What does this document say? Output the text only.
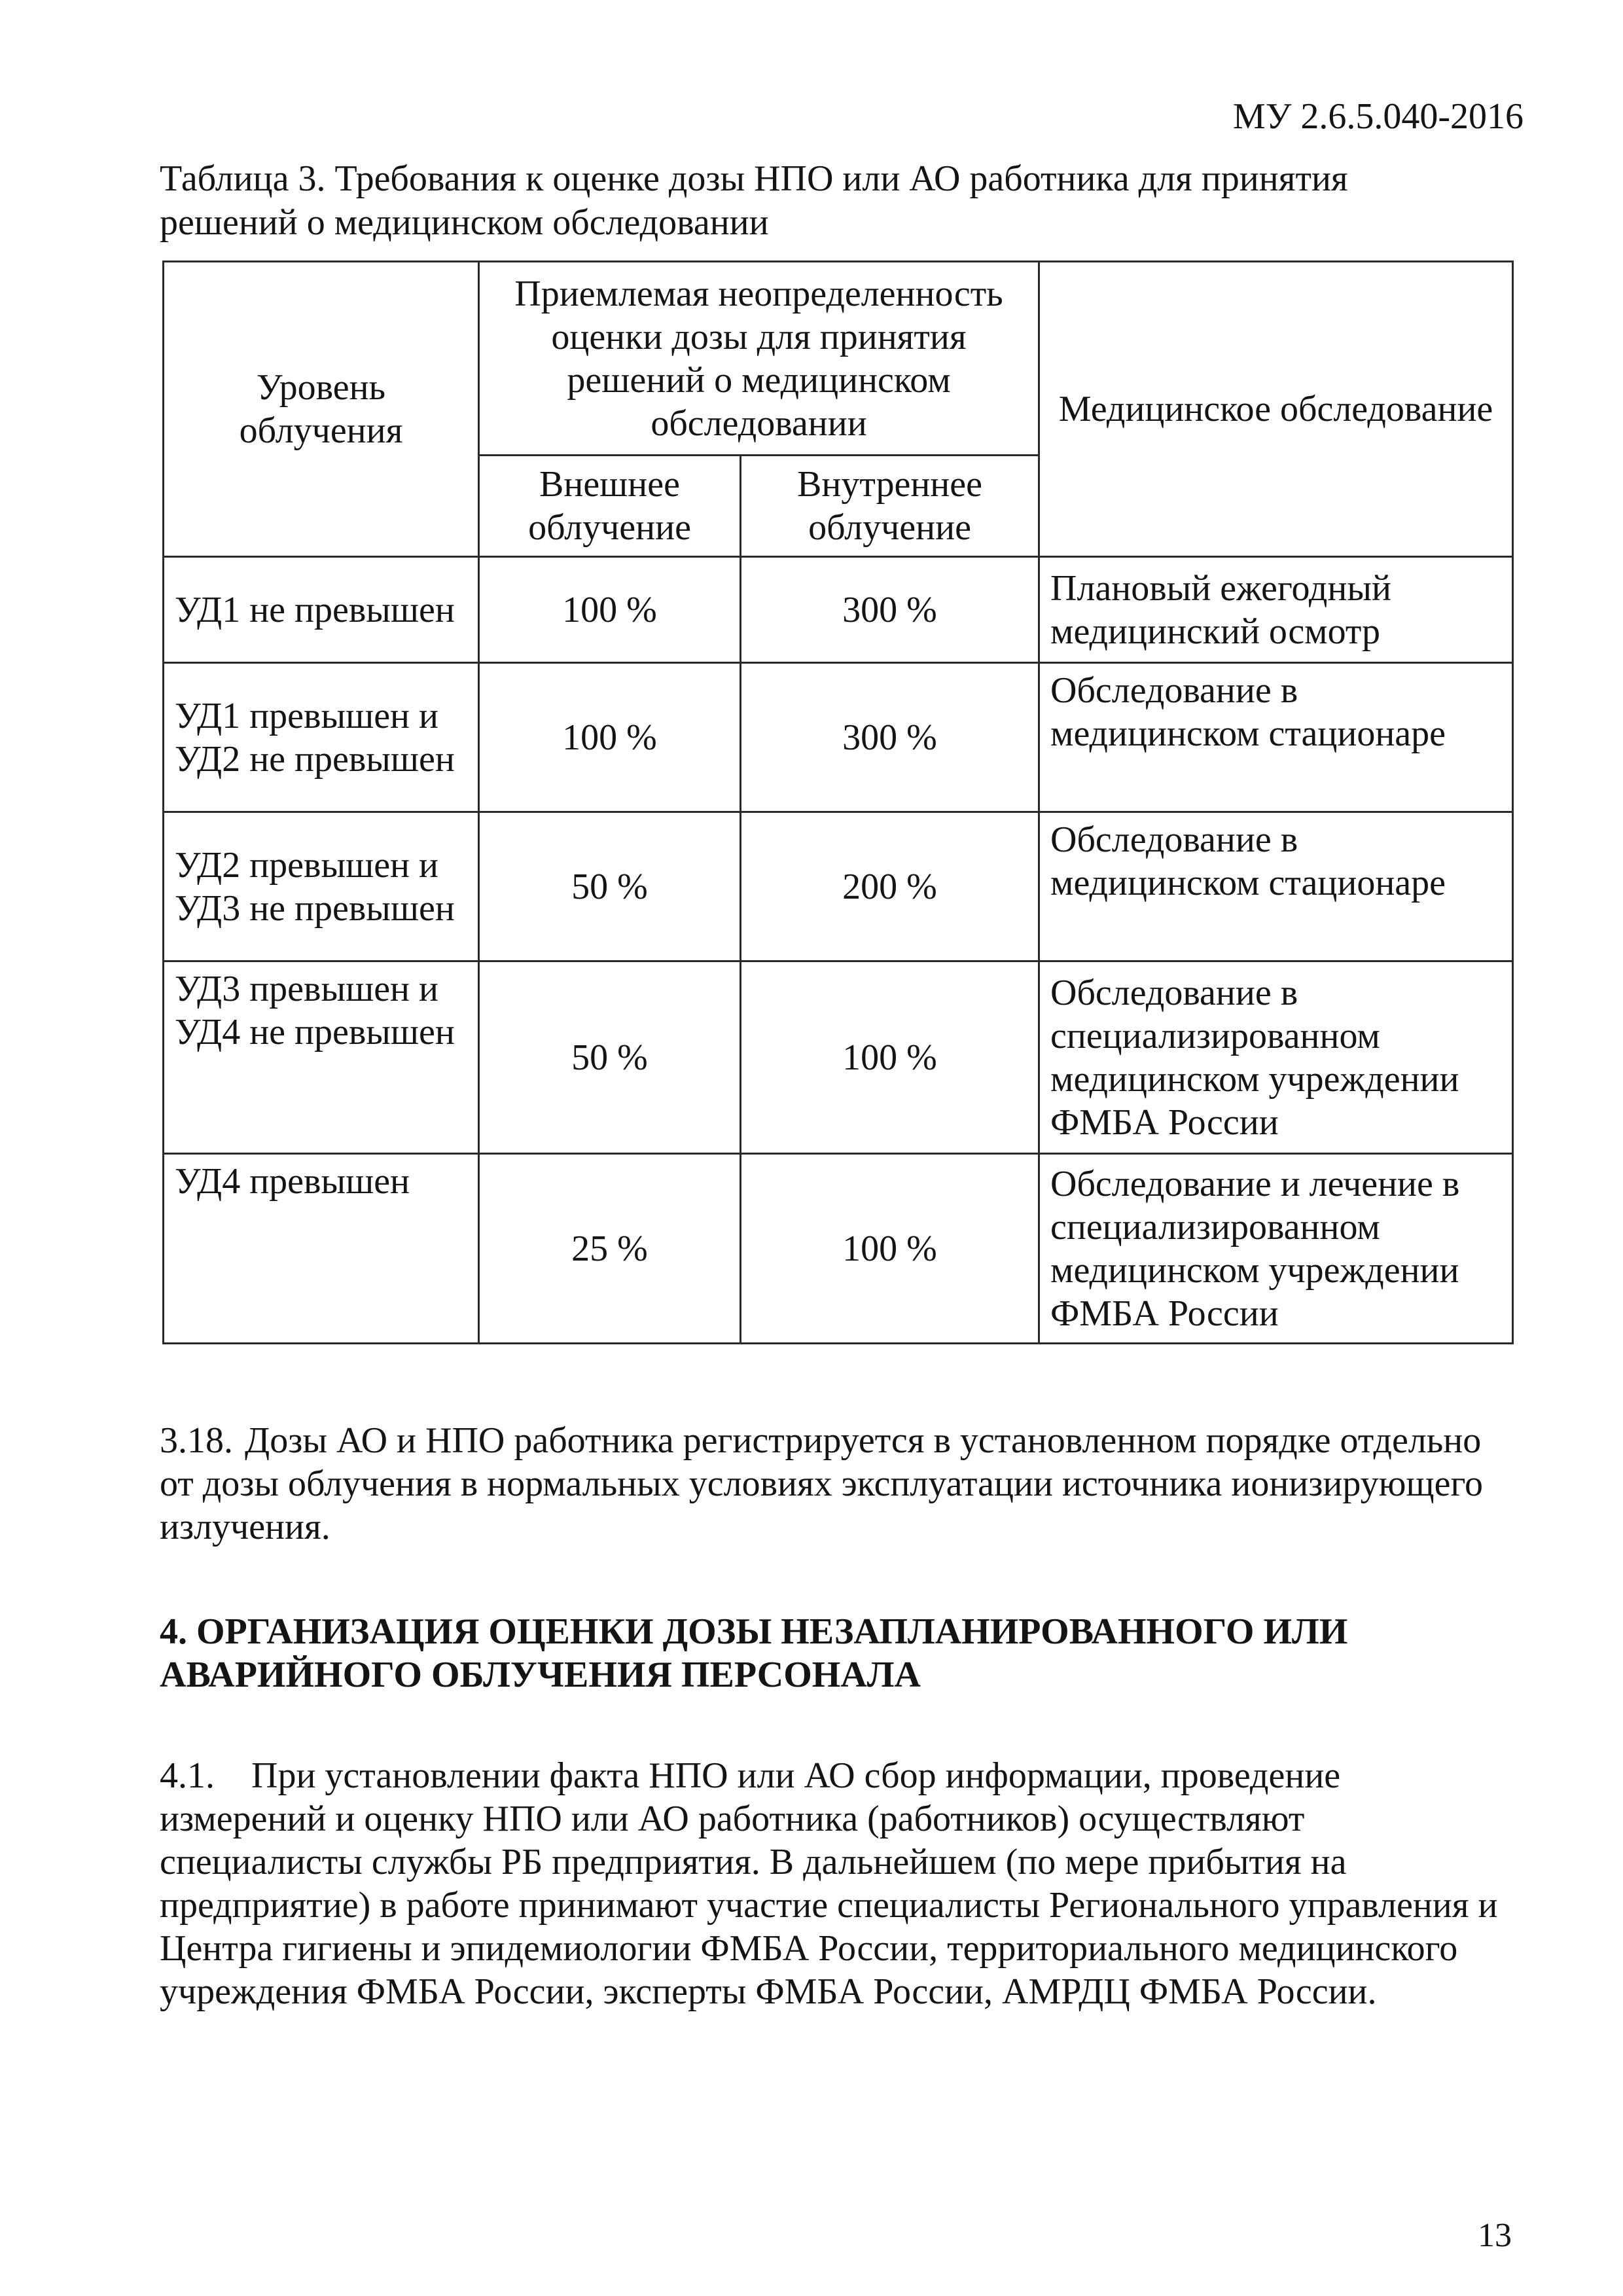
МУ 2.6.5.040-2016
Таблица 3. Требования к оценке дозы НПО или АО работника для принятия решений о медицинском обследовании
Уровень облучения	Приемлемая неопределенность оценки дозы для принятия решений о медицинском обследовании		Медицинское обследование
	Внешнее облучение	Внутреннее облучение	
УД1 не превышен	100 %	300 %	Плановый ежегодный медицинский осмотр
УД1 превышен и УД2 не превышен	100 %	300 %	Обследование в медицинском стационаре
УД2 превышен и УД3 не превышен	50 %	200 %	Обследование в медицинском стационаре
УД3 превышен и УД4 не превышен	50 %	100 %	Обследование в специализированном медицинском учреждении ФМБА России
УД4 превышен	25 %	100 %	Обследование и лечение в специализированном медицинском учреждении ФМБА России
3.18. Дозы АО и НПО работника регистрируется в установленном порядке отдельно от дозы облучения в нормальных условиях эксплуатации источника ионизирующего излучения.
4. ОРГАНИЗАЦИЯ ОЦЕНКИ ДОЗЫ НЕЗАПЛАНИРОВАННОГО ИЛИ АВАРИЙНОГО ОБЛУЧЕНИЯ ПЕРСОНАЛА
4.1. При установлении факта НПО или АО сбор информации, проведение измерений и оценку НПО или АО работника (работников) осуществляют специалисты службы РБ предприятия. В дальнейшем (по мере прибытия на предприятие) в работе принимают участие специалисты Регионального управления и Центра гигиены и эпидемиологии ФМБА России, территориального медицинского учреждения ФМБА России, эксперты ФМБА России, АМРДЦ ФМБА России.
13
